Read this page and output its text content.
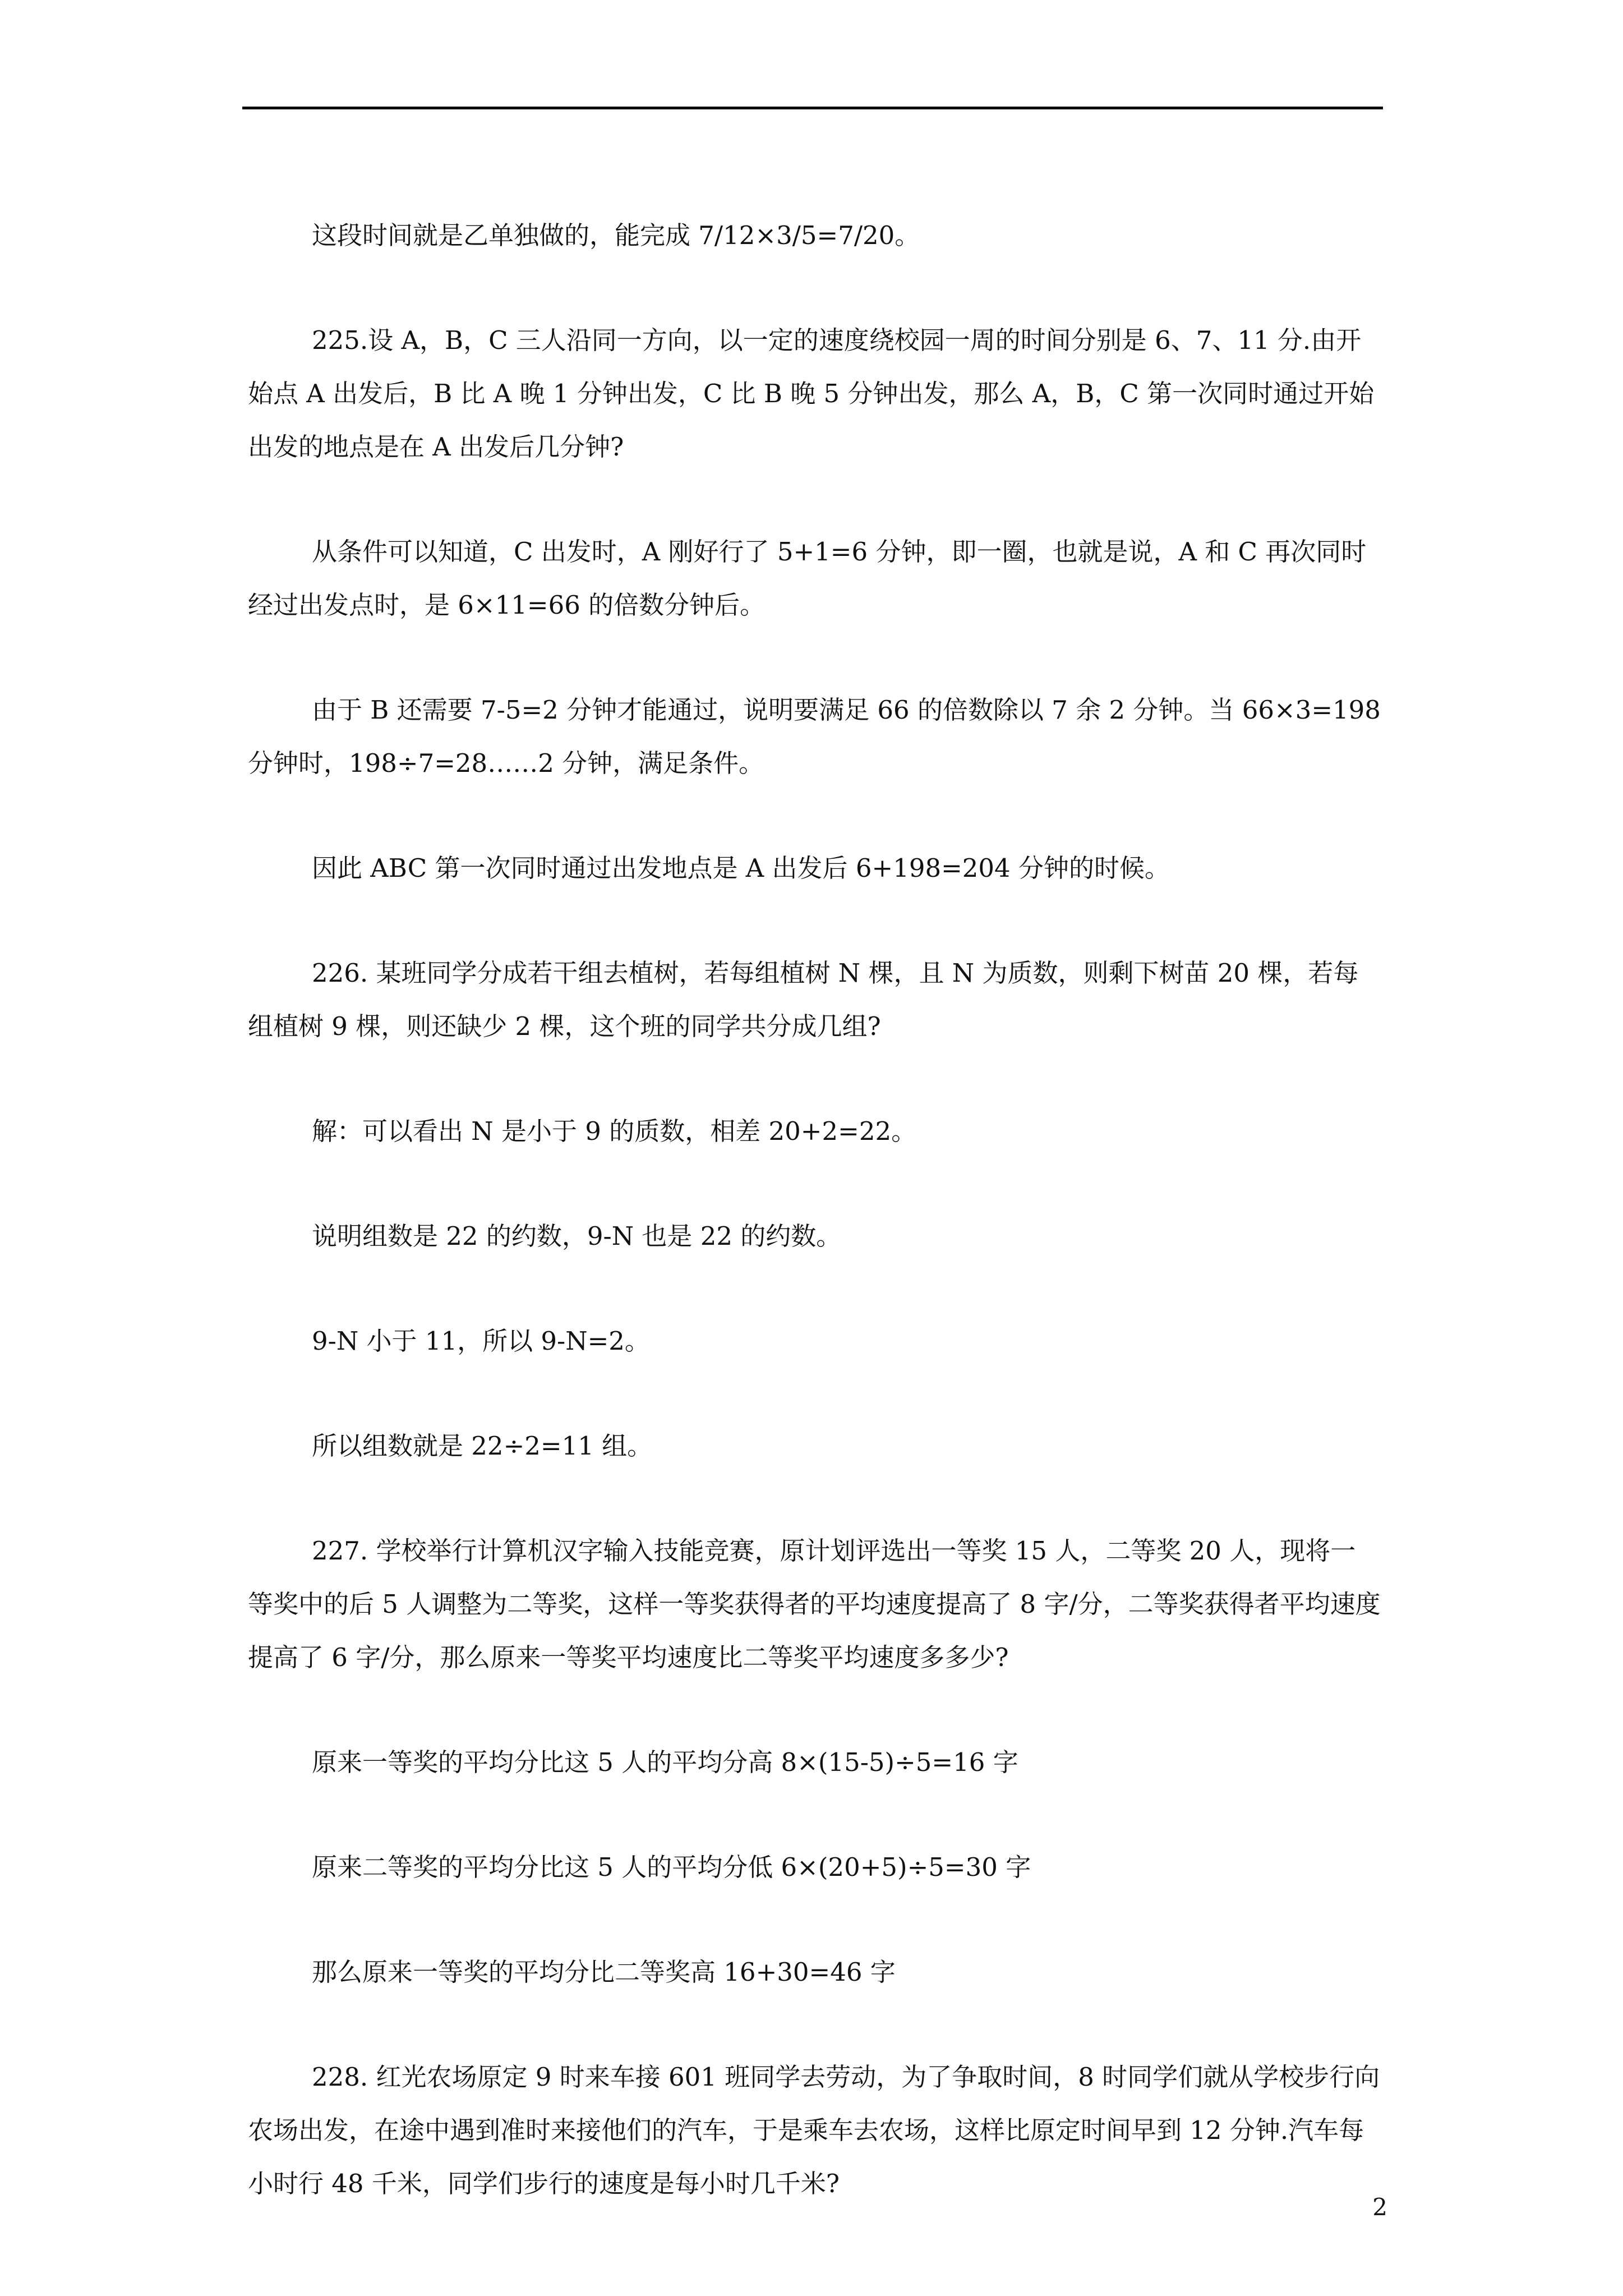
这段时间就是乙单独做的，能完成 7/12×3/5=7/20。

225.设 A，B，C 三人沿同一方向，以一定的速度绕校园一周的时间分别是 6、7、11 分.由开始点 A 出发后，B 比 A 晚 1 分钟出发，C 比 B 晚 5 分钟出发，那么 A，B，C 第一次同时通过开始出发的地点是在 A 出发后几分钟?

从条件可以知道，C 出发时，A 刚好行了 5+1=6 分钟，即一圈，也就是说，A 和 C 再次同时经过出发点时，是 6×11=66 的倍数分钟后。

由于 B 还需要 7-5=2 分钟才能通过，说明要满足 66 的倍数除以 7 余 2 分钟。当 66×3=198 分钟时，198÷7=28……2 分钟，满足条件。

因此 ABC 第一次同时通过出发地点是 A 出发后 6+198=204 分钟的时候。

226. 某班同学分成若干组去植树，若每组植树 N 棵，且 N 为质数，则剩下树苗 20 棵，若每组植树 9 棵，则还缺少 2 棵，这个班的同学共分成几组?

解：可以看出 N 是小于 9 的质数，相差 20+2=22。

说明组数是 22 的约数，9-N 也是 22 的约数。

9-N 小于 11，所以 9-N=2。

所以组数就是 22÷2=11 组。

227. 学校举行计算机汉字输入技能竞赛，原计划评选出一等奖 15 人，二等奖 20 人，现将一等奖中的后 5 人调整为二等奖，这样一等奖获得者的平均速度提高了 8 字/分，二等奖获得者平均速度提高了 6 字/分，那么原来一等奖平均速度比二等奖平均速度多多少?

原来一等奖的平均分比这 5 人的平均分高 8×(15-5)÷5=16 字

原来二等奖的平均分比这 5 人的平均分低 6×(20+5)÷5=30 字

那么原来一等奖的平均分比二等奖高 16+30=46 字

228. 红光农场原定 9 时来车接 601 班同学去劳动，为了争取时间，8 时同学们就从学校步行向农场出发，在途中遇到准时来接他们的汽车，于是乘车去农场，这样比原定时间早到 12 分钟.汽车每小时行 48 千米，同学们步行的速度是每小时几千米?

2
